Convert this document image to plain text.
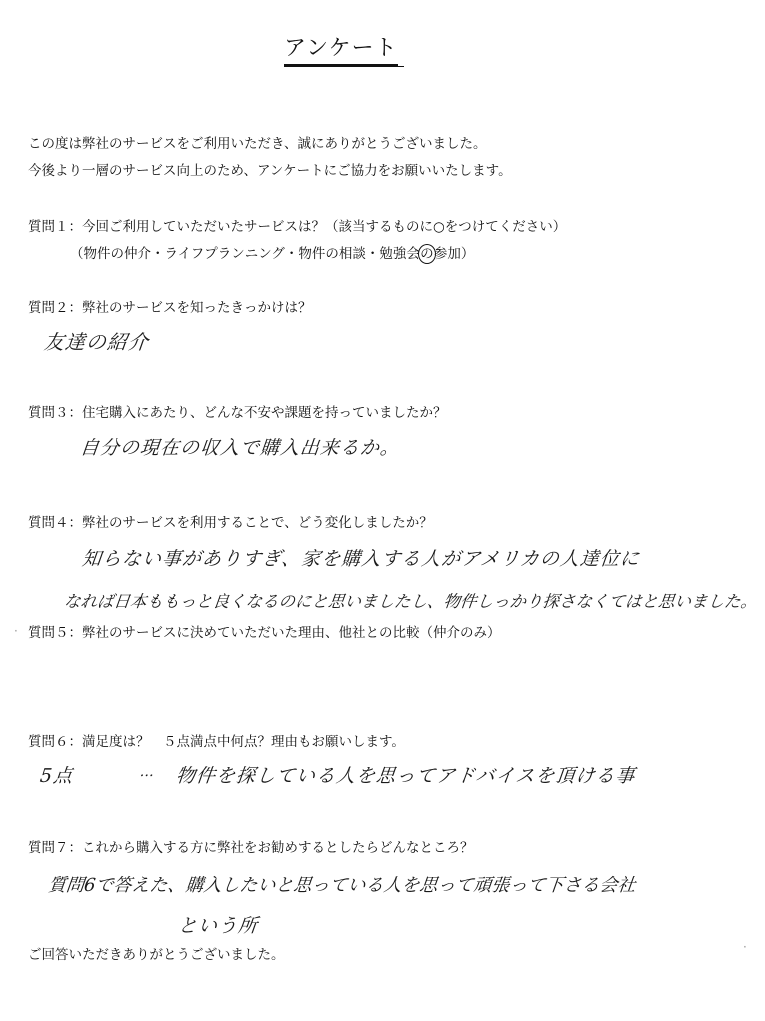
アンケート
この度は弊社のサービスをご利用いただき、誠にありがとうございました。
今後より一層のサービス向上のため、アンケートにご協力をお願いいたします。
質問１：今回ご利用していただいたサービスは？（該当するものに○をつけてください）
（物件の仲介・ライフプランニング・物件の相談・勉強会の参加）
質問２：弊社のサービスを知ったきっかけは？
友達の紹介
質問３：住宅購入にあたり、どんな不安や課題を持っていましたか？
自分の現在の収入で購入出来るか。
質問４：弊社のサービスを利用することで、どう変化しましたか？
知らない事がありすぎ、家を購入する人がアメリカの人達位に
なれば日本ももっと良くなるのにと思いましたし、物件しっかり探さなくてはと思いました。
· 質問５：弊社のサービスに決めていただいた理由、他社との比較（仲介のみ）
質問６：満足度は？　５点満点中何点？理由もお願いします。
5点	… 物件を探している人を思ってアドバイスを頂ける事
質問７：これから購入する方に弊社をお勧めするとしたらどんなところ？
質問6で答えた、購入したいと思っている人を思って頑張って下さる会社
という所
ご回答いただきありがとうございました。	·
